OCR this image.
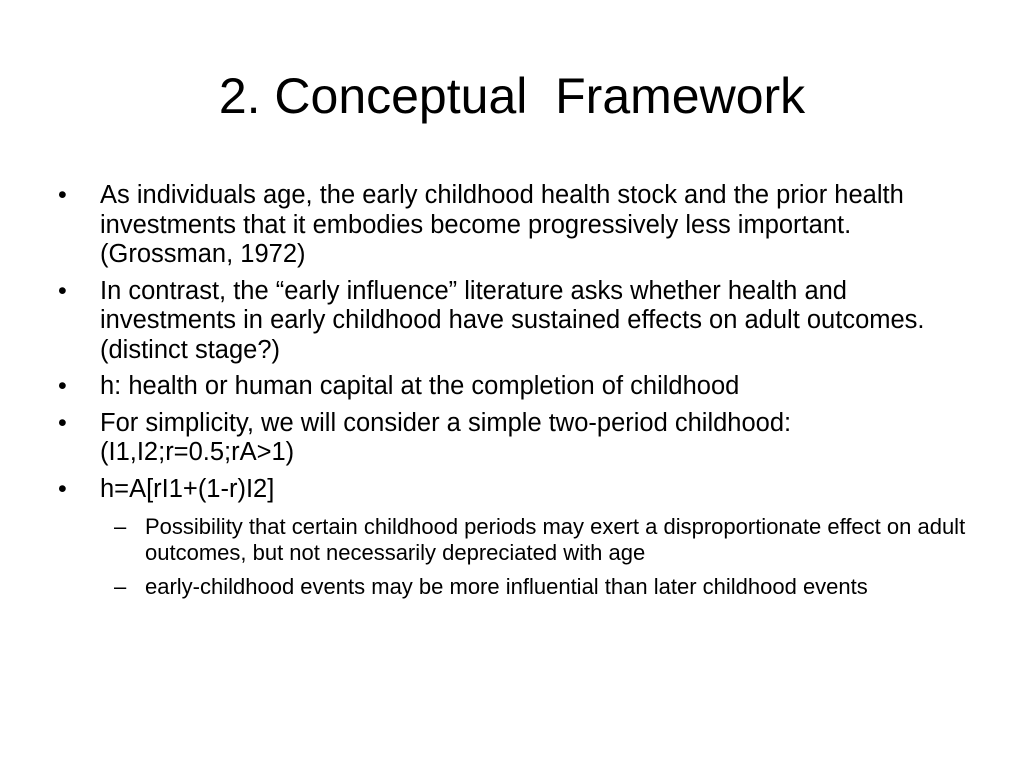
2. Conceptual  Framework
•	As individuals age, the early childhood health stock and the prior health investments that it embodies become progressively less important. (Grossman, 1972)
•	In contrast, the “early influence” literature asks whether health and investments in early childhood have sustained effects on adult outcomes. (distinct stage?)
•	h: health or human capital at the completion of childhood
•	For simplicity, we will consider a simple two-period childhood:(I1,I2;r=0.5;rA>1)
•	h=A[rI1+(1-r)I2]
– Possibility that certain childhood periods may exert a disproportionate effect on adult outcomes, but not necessarily depreciated with age
– early-childhood events may be more influential than later childhood events
